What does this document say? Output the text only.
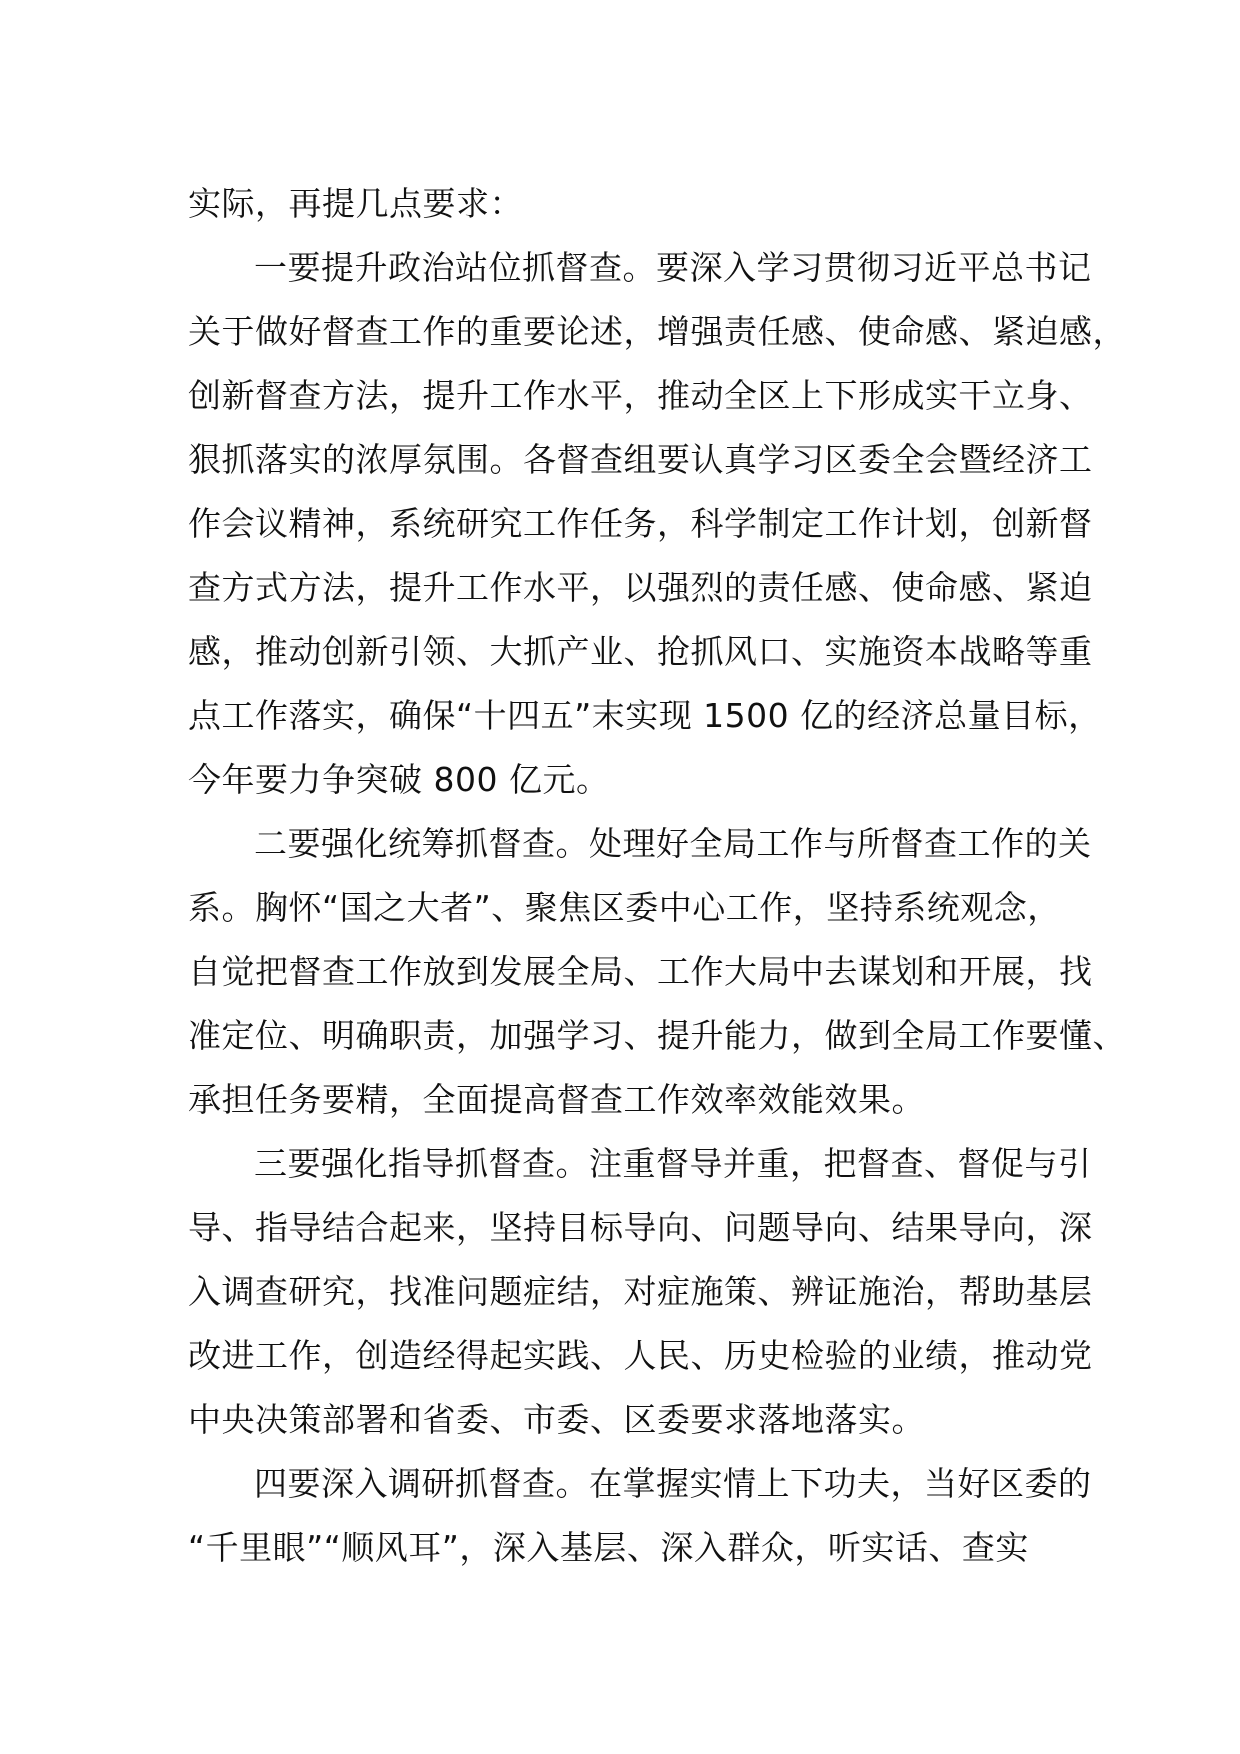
实际，再提几点要求：
一要提升政治站位抓督查。要深入学习贯彻习近平总书记
关于做好督查工作的重要论述，增强责任感、使命感、紧迫感，
创新督查方法，提升工作水平，推动全区上下形成实干立身、
狠抓落实的浓厚氛围。各督查组要认真学习区委全会暨经济工
作会议精神，系统研究工作任务，科学制定工作计划，创新督
查方式方法，提升工作水平，以强烈的责任感、使命感、紧迫
感，推动创新引领、大抓产业、抢抓风口、实施资本战略等重
点工作落实，确保“十四五”末实现 1500 亿的经济总量目标，
今年要力争突破 800 亿元。
二要强化统筹抓督查。处理好全局工作与所督查工作的关
系。胸怀“国之大者”、聚焦区委中心工作，坚持系统观念，
自觉把督查工作放到发展全局、工作大局中去谋划和开展，找
准定位、明确职责，加强学习、提升能力，做到全局工作要懂、
承担任务要精，全面提高督查工作效率效能效果。
三要强化指导抓督查。注重督导并重，把督查、督促与引
导、指导结合起来，坚持目标导向、问题导向、结果导向，深
入调查研究，找准问题症结，对症施策、辨证施治，帮助基层
改进工作，创造经得起实践、人民、历史检验的业绩，推动党
中央决策部署和省委、市委、区委要求落地落实。
四要深入调研抓督查。在掌握实情上下功夫，当好区委的
“千里眼”“顺风耳”，深入基层、深入群众，听实话、查实
